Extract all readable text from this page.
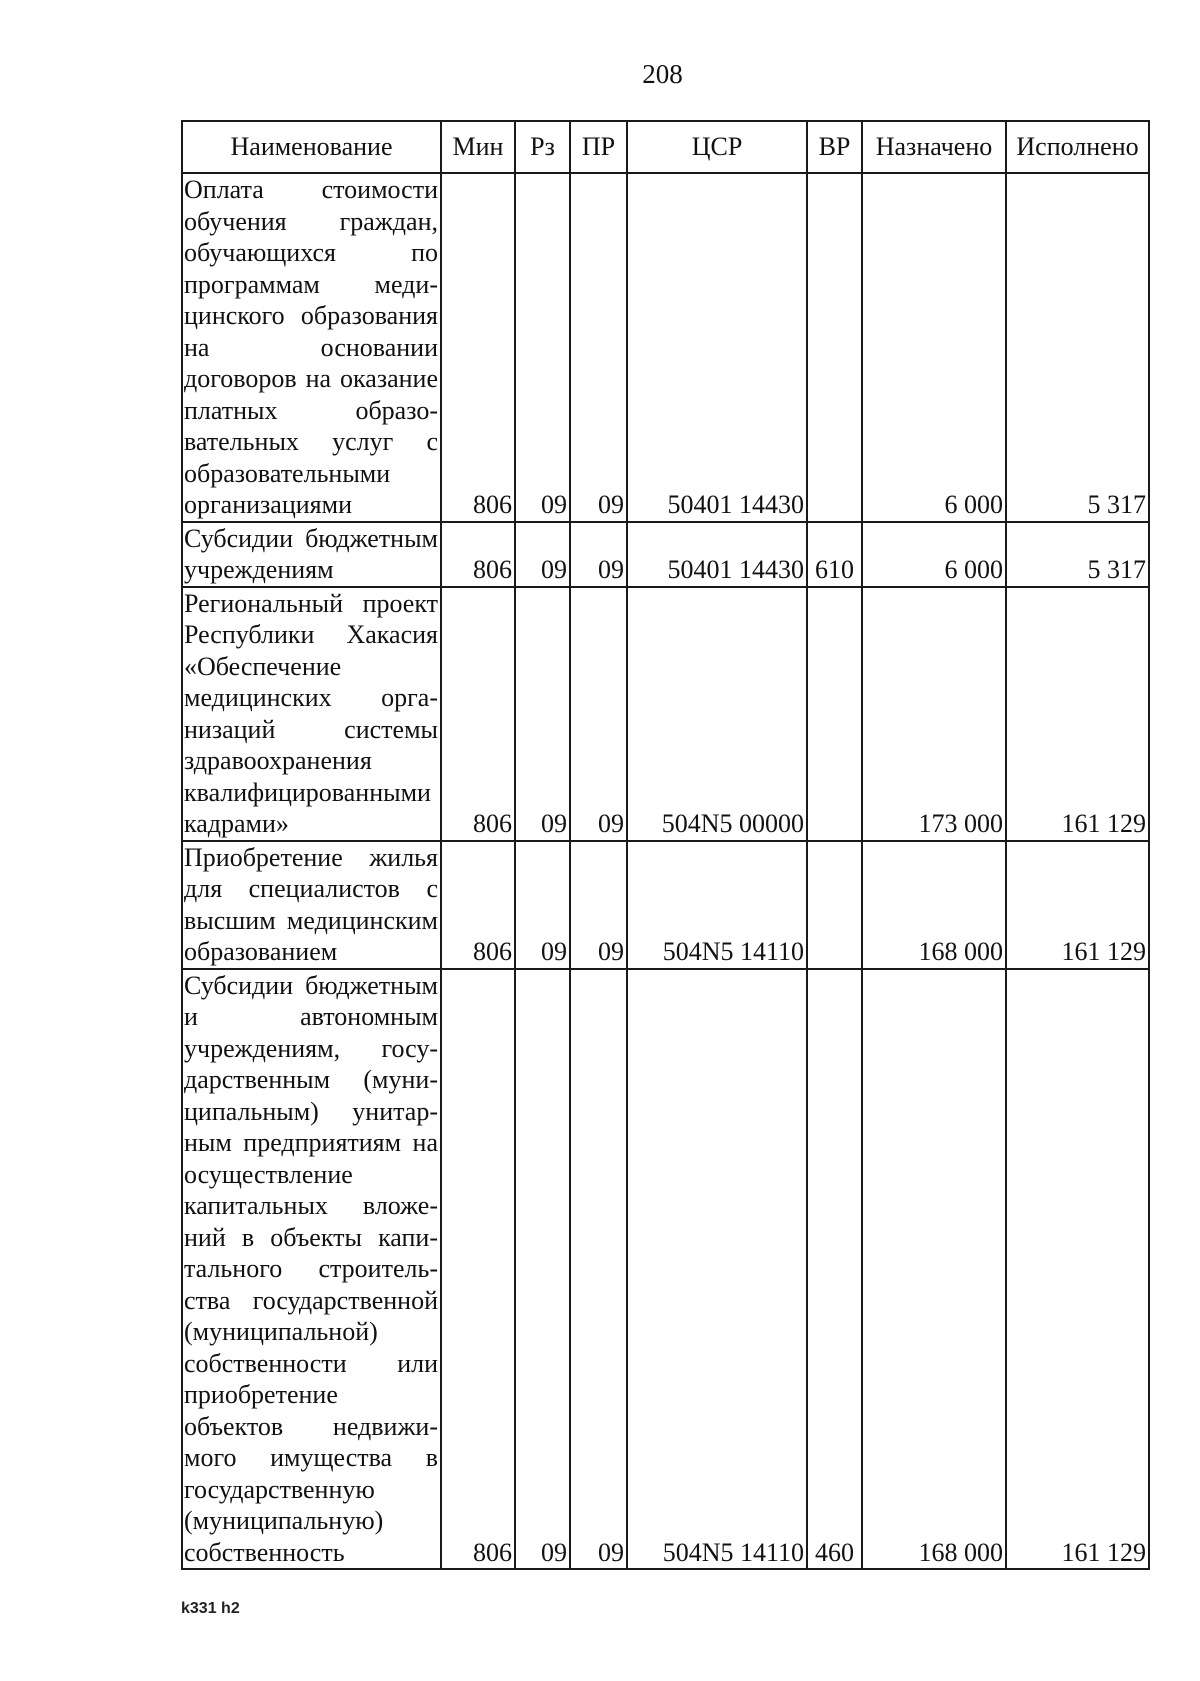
208
Наименование	Мин	Рз	ПР	ЦСР	ВР	Назначено	Исполнено
Оплата стоимости обучения граждан, обучающихся по программам медицинского образования на основании договоров на оказание платных образовательных услуг с образовательными организациями	806	09	09	50401 14430		6 000	5 317
Субсидии бюджетным учреждениям	806	09	09	50401 14430	610	6 000	5 317
Региональный проект Республики Хакасия «Обеспечение медицинских организаций системы здравоохранения квалифицированными кадрами»	806	09	09	504N5 00000		173 000	161 129
Приобретение жилья для специалистов с высшим медицинским образованием	806	09	09	504N5 14110		168 000	161 129
Субсидии бюджетным и автономным учреждениям, государственным (муниципальным) унитарным предприятиям на осуществление капитальных вложений в объекты капитального строительства государственной (муниципальной) собственности или приобретение объектов недвижимого имущества в государственную (муниципальную) собственность	806	09	09	504N5 14110	460	168 000	161 129
k331 h2
